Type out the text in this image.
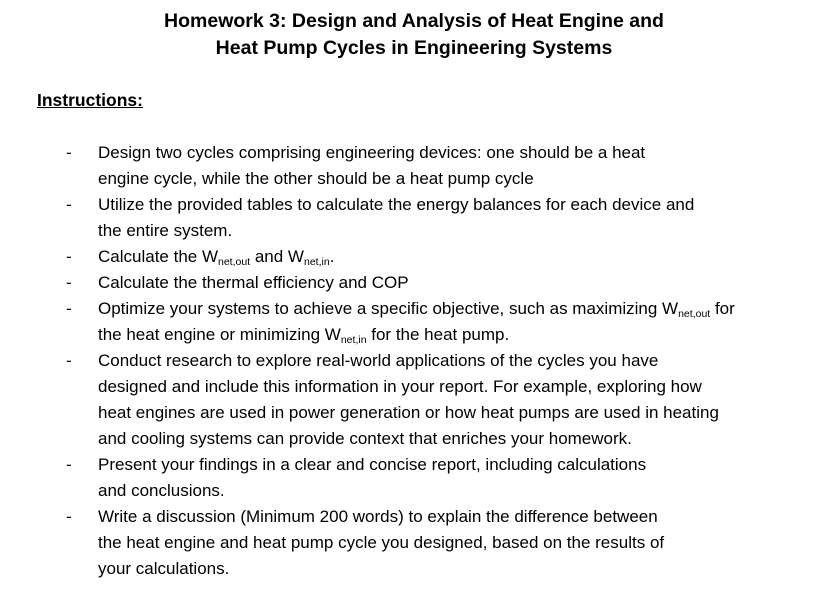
Homework 3: Design and Analysis of Heat Engine and
Heat Pump Cycles in Engineering Systems
Instructions:
- Design two cycles comprising engineering devices: one should be a heat
engine cycle, while the other should be a heat pump cycle
- Utilize the provided tables to calculate the energy balances for each device and
the entire system.
- Calculate the $W_{net,out}$ and $W_{net,in}$.
- Calculate the thermal efficiency and COP
- Optimize your systems to achieve a specific objective, such as maximizing $W_{net,out}$ for
the heat engine or minimizing $W_{net,in}$ for the heat pump.
- Conduct research to explore real-world applications of the cycles you have
designed and include this information in your report. For example, exploring how
heat engines are used in power generation or how heat pumps are used in heating
and cooling systems can provide context that enriches your homework.
- Present your findings in a clear and concise report, including calculations
and conclusions.
- Write a discussion (Minimum 200 words) to explain the difference between
the heat engine and heat pump cycle you designed, based on the results of
your calculations.
